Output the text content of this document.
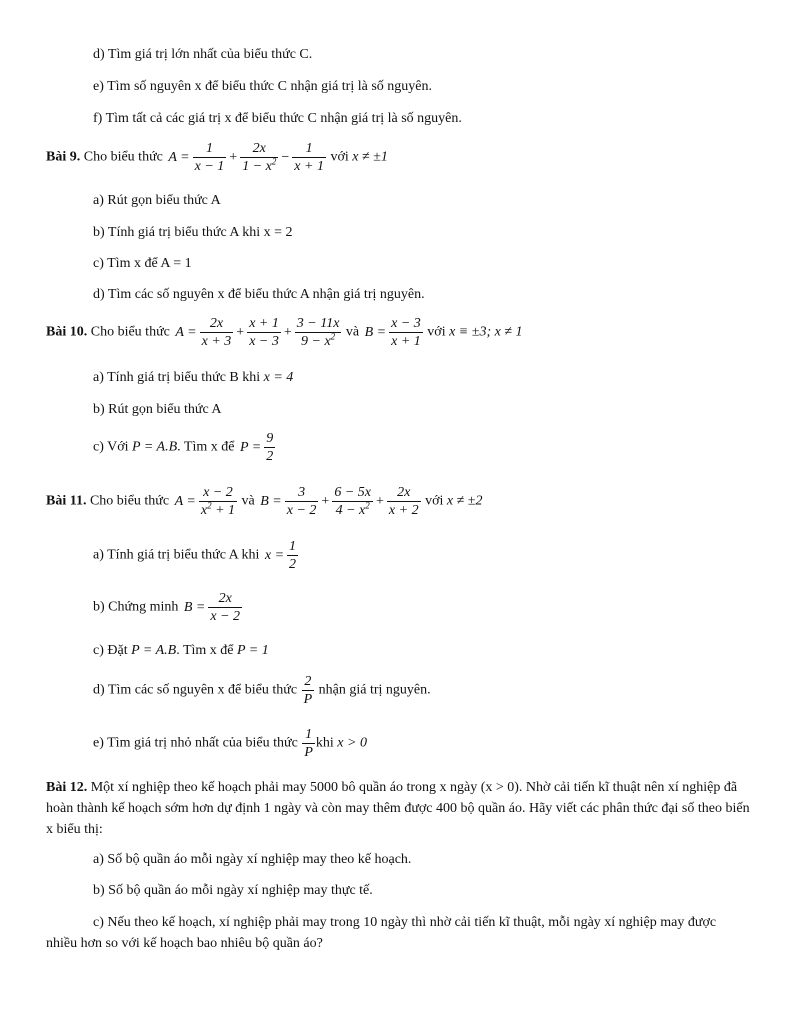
d) Tìm giá trị lớn nhất của biểu thức C.
e) Tìm số nguyên x để biểu thức C nhận giá trị là số nguyên.
f) Tìm tất cả các giá trị x để biểu thức C nhận giá trị là số nguyên.
Bài 9. Cho biểu thức $A = \frac{1}{x - 1} + \frac{2x}{1 - x^2} - \frac{1}{x + 1}$ với x ≠ ±1
a) Rút gọn biểu thức A
b) Tính giá trị biểu thức A khi x = 2
c) Tìm x để A = 1
d) Tìm các số nguyên x để biểu thức A nhận giá trị nguyên.
Bài 10. Cho biểu thức $A = \frac{2x}{x + 3} + \frac{x + 1}{x - 3} + \frac{3 - 11x}{9 - x^2}$ và $B = \frac{x - 3}{x + 1}$ với x ≡ ±3; x ≠ 1
a) Tính giá trị biểu thức B khi x = 4
b) Rút gọn biểu thức A
c) Với P = A.B. Tìm x để $P = \frac{9}{2}$
Bài 11. Cho biểu thức $A = \frac{x - 2}{x^2 + 1}$ và $B = \frac{3}{x - 2} + \frac{6 - 5x}{4 - x^2} + \frac{2x}{x + 2}$ với x ≠ ±2
a) Tính giá trị biểu thức A khi $x = \frac{1}{2}$
b) Chứng minh $B = \frac{2x}{x - 2}$
c) Đặt P = A.B. Tìm x để P = 1
d) Tìm các số nguyên x để biểu thức $\frac{2}{P}$ nhận giá trị nguyên.
e) Tìm giá trị nhỏ nhất của biểu thức $\frac{1}{P}$ khi x > 0
Bài 12. Một xí nghiệp theo kế hoạch phải may 5000 bô quần áo trong x ngày (x > 0). Nhờ cải tiến kĩ thuật nên xí nghiệp đã hoàn thành kế hoạch sớm hơn dự định 1 ngày và còn may thêm được 400 bộ quần áo. Hãy viết các phân thức đại số theo biến x biểu thị:
a) Số bộ quần áo mỗi ngày xí nghiệp may theo kế hoạch.
b) Số bộ quần áo mỗi ngày xí nghiệp may thực tế.
c) Nếu theo kế hoạch, xí nghiệp phải may trong 10 ngày thì nhờ cải tiến kĩ thuật, mỗi ngày xí nghiệp may được nhiều hơn so với kế hoạch bao nhiêu bộ quần áo?
